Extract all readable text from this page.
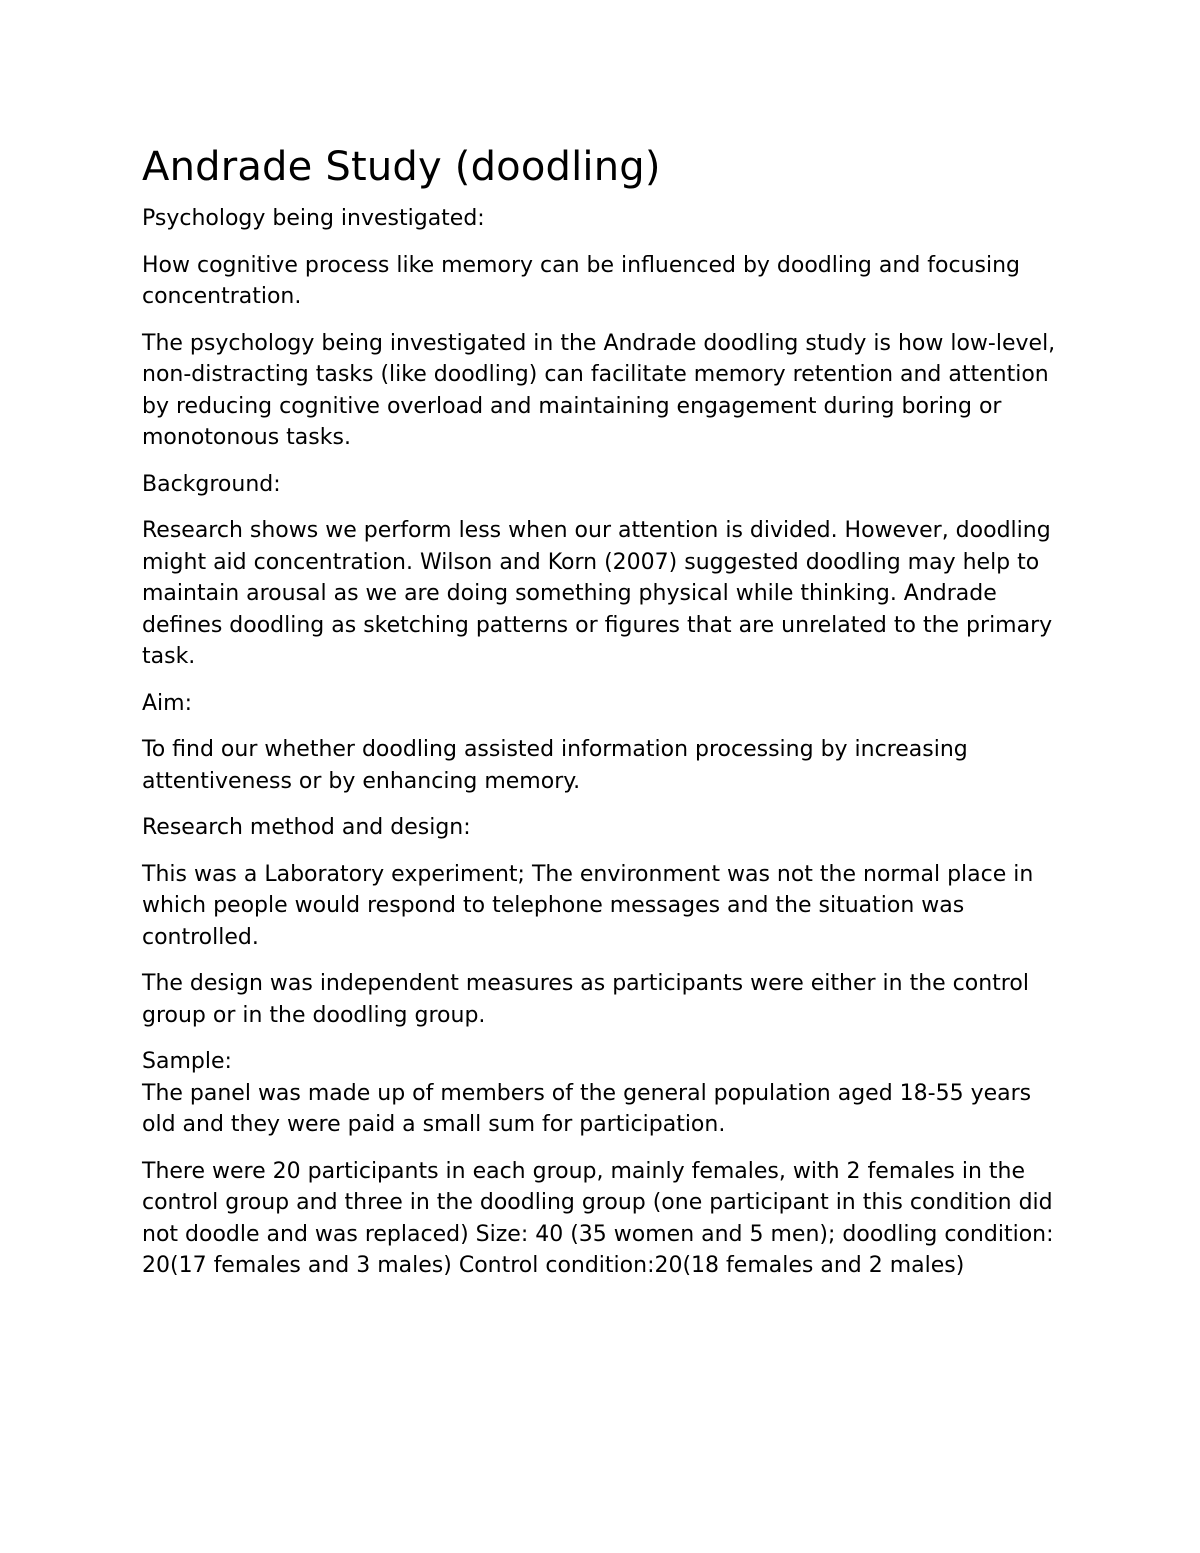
Andrade Study (doodling)

Psychology being investigated:

How cognitive process like memory can be influenced by doodling and focusing concentration.

The psychology being investigated in the Andrade doodling study is how low-level, non-distracting tasks (like doodling) can facilitate memory retention and attention by reducing cognitive overload and maintaining engagement during boring or monotonous tasks.

Background:

Research shows we perform less when our attention is divided. However, doodling might aid concentration. Wilson and Korn (2007) suggested doodling may help to maintain arousal as we are doing something physical while thinking. Andrade defines doodling as sketching patterns or figures that are unrelated to the primary task.

Aim:

To find our whether doodling assisted information processing by increasing attentiveness or by enhancing memory.

Research method and design:

This was a Laboratory experiment; The environment was not the normal place in which people would respond to telephone messages and the situation was controlled.

The design was independent measures as participants were either in the control group or in the doodling group.

Sample:

The panel was made up of members of the general population aged 18-55 years old and they were paid a small sum for participation.

There were 20 participants in each group, mainly females, with 2 females in the control group and three in the doodling group (one participant in this condition did not doodle and was replaced) Size: 40 (35 women and 5 men); doodling condition: 20(17 females and 3 males) Control condition:20(18 females and 2 males)
